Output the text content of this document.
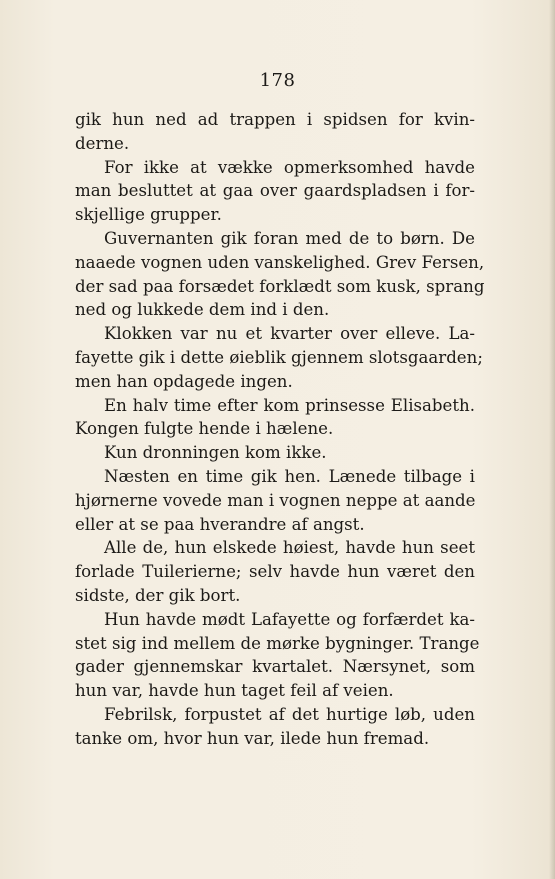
178
gik hun ned ad trappen i spidsen for kvin-
derne.
For ikke at vække opmerksomhed havde
man besluttet at gaa over gaardspladsen i for-
skjellige grupper.
Guvernanten gik foran med de to børn. De
naaede vognen uden vanskelighed. Grev Fersen,
der sad paa forsædet forklædt som kusk, sprang
ned og lukkede dem ind i den.
Klokken var nu et kvarter over elleve. La-
fayette gik i dette øieblik gjennem slotsgaarden;
men han opdagede ingen.
En halv time efter kom prinsesse Elisabeth.
Kongen fulgte hende i hælene.
Kun dronningen kom ikke.
Næsten en time gik hen. Lænede tilbage i
hjørnerne vovede man i vognen neppe at aande
eller at se paa hverandre af angst.
Alle de, hun elskede høiest, havde hun seet
forlade Tuilerierne; selv havde hun været den
sidste, der gik bort.
Hun havde mødt Lafayette og forfærdet ka-
stet sig ind mellem de mørke bygninger. Trange
gader gjennemskar kvartalet. Nærsynet, som
hun var, havde hun taget feil af veien.
Febrilsk, forpustet af det hurtige løb, uden
tanke om, hvor hun var, ilede hun fremad.
